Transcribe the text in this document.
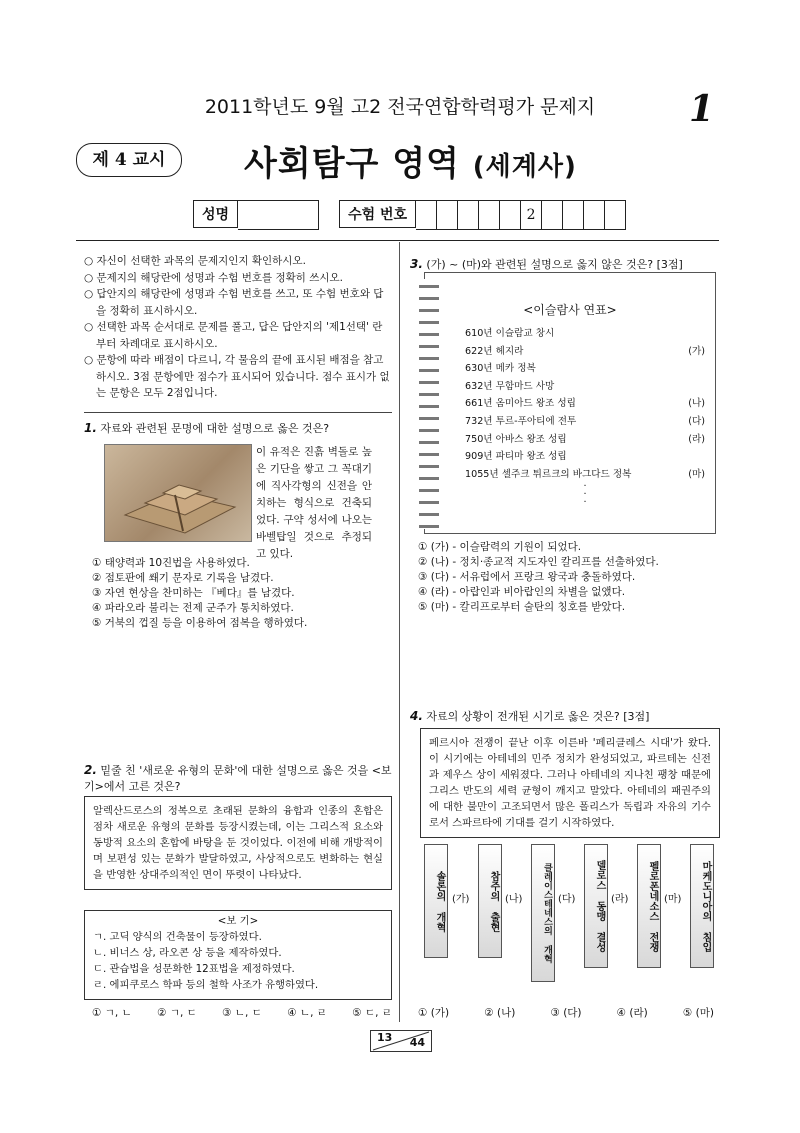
2011학년도 9월 고2 전국연합학력평가 문제지	1
제 4 교시	사회탐구 영역 (세계사)
성명	수험 번호	2
○ 자신이 선택한 과목의 문제지인지 확인하시오.
○ 문제지의 해당란에 성명과 수험 번호를 정확히 쓰시오.
○ 답안지의 해당란에 성명과 수험 번호를 쓰고, 또 수험 번호와 답을 정확히 표시하시오.
○ 선택한 과목 순서대로 문제를 풀고, 답은 답안지의 '제1선택' 란부터 차례대로 표시하시오.
○ 문항에 따라 배점이 다르니, 각 물음의 끝에 표시된 배점을 참고하시오. 3점 문항에만 점수가 표시되어 있습니다. 점수 표시가 없는 문항은 모두 2점입니다.
1. 자료와 관련된 문명에 대한 설명으로 옳은 것은?
이 유적은 진흙 벽돌로 높은 기단을 쌓고 그 꼭대기에 직사각형의 신전을 안치하는 형식으로 건축되었다. 구약 성서에 나오는 바벨탑일 것으로 추정되고 있다.
① 태양력과 10진법을 사용하였다.
② 점토판에 쐐기 문자로 기록을 남겼다.
③ 자연 현상을 찬미하는 『베다』를 남겼다.
④ 파라오라 불리는 전제 군주가 통치하였다.
⑤ 거북의 껍질 등을 이용하여 점복을 행하였다.
2. 밑줄 친 '새로운 유형의 문화'에 대한 설명으로 옳은 것을 <보기>에서 고른 것은?
알렉산드로스의 정복으로 초래된 문화의 융합과 인종의 혼합은 점차 새로운 유형의 문화를 등장시켰는데, 이는 그리스적 요소와 동방적 요소의 혼합에 바탕을 둔 것이었다. 이전에 비해 개방적이며 보편성 있는 문화가 발달하였고, 사상적으로도 변화하는 현실을 반영한 상대주의적인 면이 뚜렷이 나타났다.
<보 기>
ㄱ. 고딕 양식의 건축물이 등장하였다.
ㄴ. 비너스 상, 라오콘 상 등을 제작하였다.
ㄷ. 관습법을 성문화한 12표법을 제정하였다.
ㄹ. 에피쿠로스 학파 등의 철학 사조가 유행하였다.
① ㄱ, ㄴ ② ㄱ, ㄷ ③ ㄴ, ㄷ ④ ㄴ, ㄹ ⑤ ㄷ, ㄹ
3. (가) ~ (마)와 관련된 설명으로 옳지 않은 것은? [3점]
<이슬람사 연표>
610년 이슬람교 창시
622년 헤지라	(가)
630년 메카 정복
632년 무함마드 사망
661년 옴미아드 왕조 성립	(나)
732년 투르-푸아티에 전투	(다)
750년 아바스 왕조 성립	(라)
909년 파티마 왕조 성립
1055년 셀주크 튀르크의 바그다드 정복	(마)
·
·
·
① (가) - 이슬람력의 기원이 되었다.
② (나) - 정치·종교적 지도자인 칼리프를 선출하였다.
③ (다) - 서유럽에서 프랑크 왕국과 충돌하였다.
④ (라) - 아랍인과 비아랍인의 차별을 없앴다.
⑤ (마) - 칼리프로부터 술탄의 칭호를 받았다.
4. 자료의 상황이 전개된 시기로 옳은 것은? [3점]
페르시아 전쟁이 끝난 이후 이른바 '페리클레스 시대'가 왔다. 이 시기에는 아테네의 민주 정치가 완성되었고, 파르테논 신전과 제우스 상이 세워졌다. 그러나 아테네의 지나친 팽창 때문에 그리스 반도의 세력 균형이 깨지고 말았다. 아테네의 패권주의에 대한 불만이 고조되면서 많은 폴리스가 독립과 자유의 기수로서 스파르타에 기대를 걸기 시작하였다.
솔론의 개혁 (가)	참주의 출현 (나)	클레이스테네스의 개혁 (다)	델로스 동맹 결성 (라)	펠로폰네소스 전쟁 (마)	마케도니아의 침입
① (가)	② (나)	③ (다)	④ (라)	⑤ (마)
13 44
